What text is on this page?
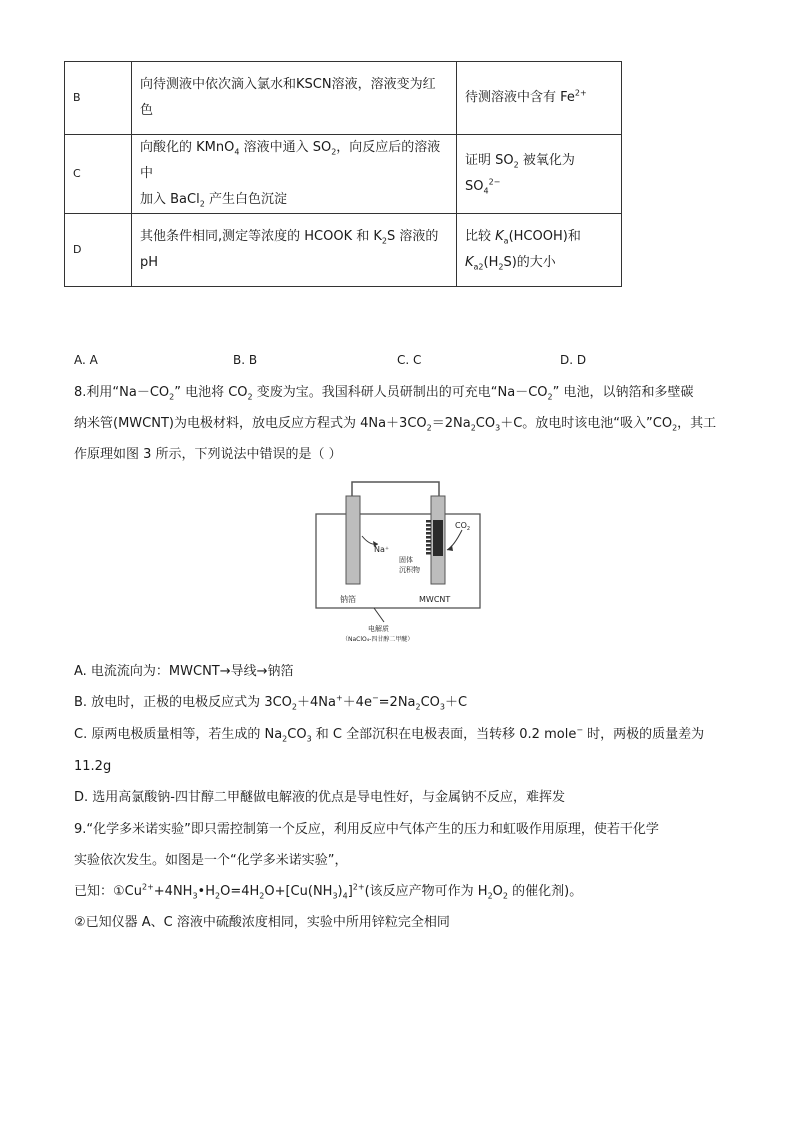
B	向待测液中依次滴入氯水和KSCN溶液，溶液变为红
色	待测溶液中含有 $Fe^{2+}$
C	向酸化的 KMnO$_4$ 溶液中通入 $SO_2$，向反应后的溶液中
加入 BaCl$_2$ 产生白色沉淀	证明 $SO_2$ 被氧化为 $SO_4^{2-}$
D	其他条件相同,测定等浓度的 HCOOK 和 $K_2S$ 溶液的 pH	比较 $K_a(HCOOH)$和
$K_{a2}(H_2S)$的大小
A. A	B. B	C. C	D. D
8.利用“$Na-CO_2$” 电池将 $CO_2$ 变废为宝。我国科研人员研制出的可充电“$Na-CO_2$” 电池，以钠箔和多壁碳
纳米管(MWCNT)为电极材料，放电反应方程式为 $4Na+3CO_2=2Na_2CO_3+C$。放电时该电池“吸入$”CO_2$，其工
作原理如图 3 所示，下列说法中错误的是（ ）
Na⁺
$CO_2$
固体
沉积物
钠箔	MWCNT
电解质
（NaClO₄-四甘醇二甲醚）
A. 电流流向为：MWCNT→导线→钠箔
B. 放电时，正极的电极反应式为 $3CO_2+4Na^++4e^-=2Na_2CO_3+C$
C. 原两电极质量相等，若生成的 $Na_2CO_3$ 和 C 全部沉积在电极表面，当转移 0.2 mole− 时，两极的质量差为
11.2g
D. 选用高氯酸钠-四甘醇二甲醚做电解液的优点是导电性好，与金属钠不反应，难挥发
9.“化学多米诺实验”即只需控制第一个反应，利用反应中气体产生的压力和虹吸作用原理，使若干化学
实验依次发生。如图是一个“化学多米诺实验”，
已知：$①Cu^{2+}+4NH_3•H_2O=4H_2O+[Cu(NH_3)_4]^{2+}$(该反应产物可作为 $H_2O_2$ 的催化剂)。
②已知仪器 A、C 溶液中硫酸浓度相同，实验中所用锌粒完全相同
